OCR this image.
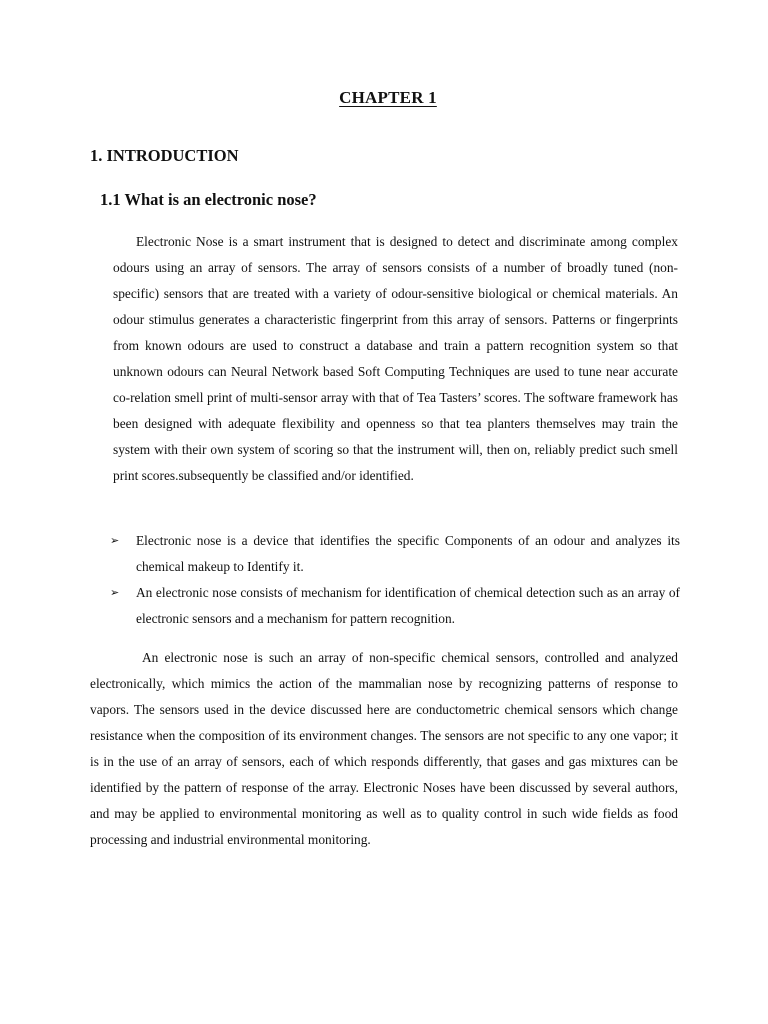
CHAPTER 1
1. INTRODUCTION
1.1 What is an electronic nose?

Electronic Nose is a smart instrument that is designed to detect and discriminate among complex odours using an array of sensors. The array of sensors consists of a number of broadly tuned (non-specific) sensors that are treated with a variety of odour-sensitive biological or chemical materials. An odour stimulus generates a characteristic fingerprint from this array of sensors. Patterns or fingerprints from known odours are used to construct a database and train a pattern recognition system so that unknown odours can Neural Network based Soft Computing Techniques are used to tune near accurate co-relation smell print of multi-sensor array with that of Tea Tasters’ scores. The software framework has been designed with adequate flexibility and openness so that tea planters themselves may train the system with their own system of scoring so that the instrument will, then on, reliably predict such smell print scores.subsequently be classified and/or identified.

➢ Electronic nose is a device that identifies the specific Components of an odour and analyzes its chemical makeup to Identify it.
➢ An electronic nose consists of mechanism for identification of chemical detection such as an array of electronic sensors and a mechanism for pattern recognition.

An electronic nose is such an array of non-specific chemical sensors, controlled and analyzed electronically, which mimics the action of the mammalian nose by recognizing patterns of response to vapors. The sensors used in the device discussed here are conductometric chemical sensors which change resistance when the composition of its environment changes. The sensors are not specific to any one vapor; it is in the use of an array of sensors, each of which responds differently, that gases and gas mixtures can be identified by the pattern of response of the array. Electronic Noses have been discussed by several authors, and may be applied to environmental monitoring as well as to quality control in such wide fields as food processing and industrial environmental monitoring.
